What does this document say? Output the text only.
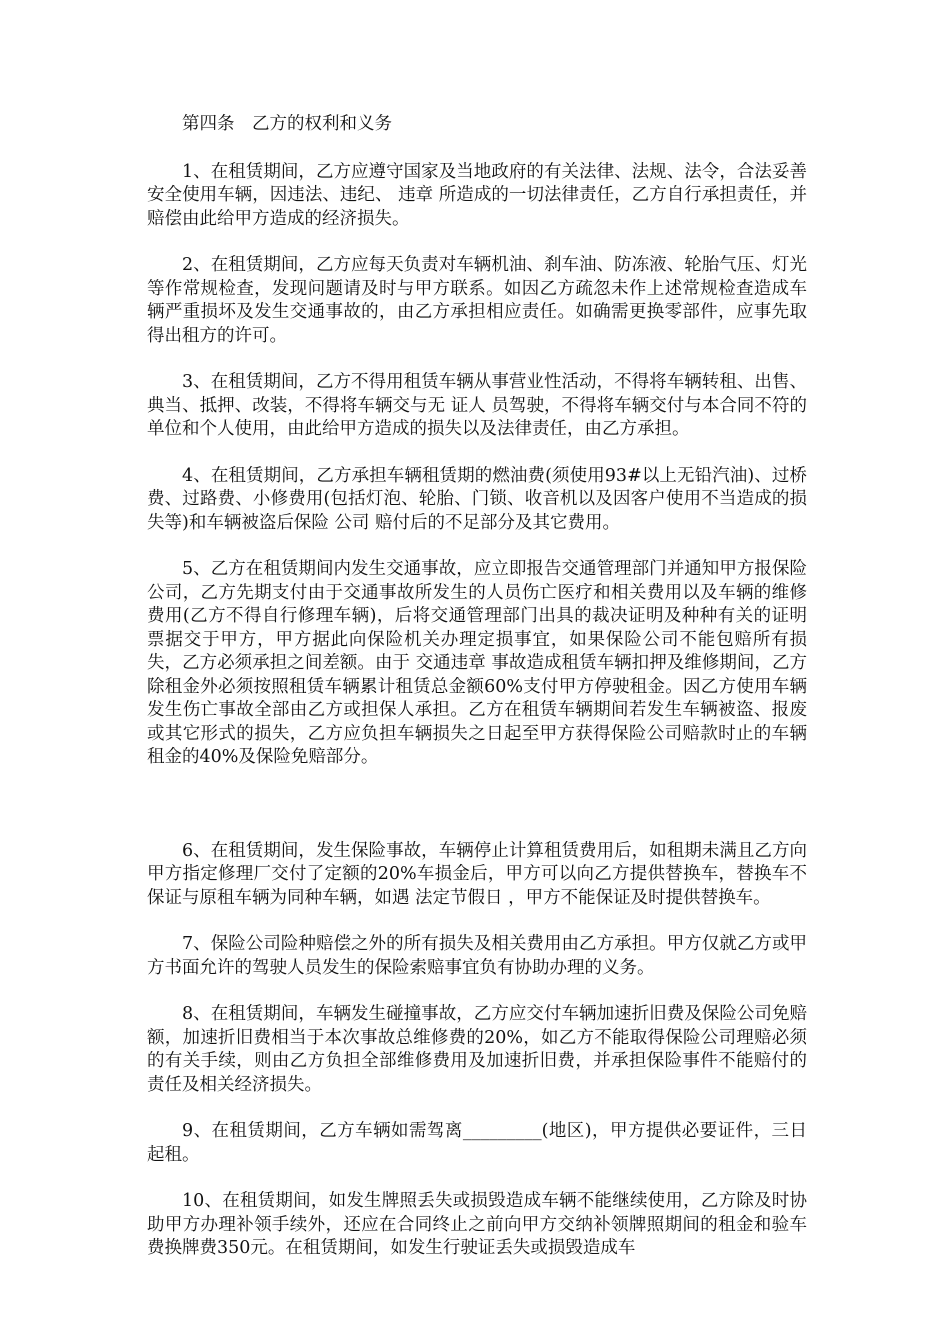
第四条　乙方的权利和义务

1、在租赁期间，乙方应遵守国家及当地政府的有关法律、法规、法令，合法妥善安全使用车辆，因违法、违纪、 违章 所造成的一切法律责任，乙方自行承担责任，并赔偿由此给甲方造成的经济损失。

2、在租赁期间，乙方应每天负责对车辆机油、刹车油、防冻液、轮胎气压、灯光等作常规检查，发现问题请及时与甲方联系。如因乙方疏忽未作上述常规检查造成车辆严重损坏及发生交通事故的，由乙方承担相应责任。如确需更换零部件，应事先取得出租方的许可。

3、在租赁期间，乙方不得用租赁车辆从事营业性活动，不得将车辆转租、出售、典当、抵押、改装，不得将车辆交与无 证人 员驾驶，不得将车辆交付与本合同不符的单位和个人使用，由此给甲方造成的损失以及法律责任，由乙方承担。

4、在租赁期间，乙方承担车辆租赁期的燃油费(须使用93#以上无铅汽油)、过桥费、过路费、小修费用(包括灯泡、轮胎、门锁、收音机以及因客户使用不当造成的损失等)和车辆被盗后保险 公司 赔付后的不足部分及其它费用。

5、乙方在租赁期间内发生交通事故，应立即报告交通管理部门并通知甲方报保险公司，乙方先期支付由于交通事故所发生的人员伤亡医疗和相关费用以及车辆的维修费用(乙方不得自行修理车辆)，后将交通管理部门出具的裁决证明及种种有关的证明票据交于甲方，甲方据此向保险机关办理定损事宜，如果保险公司不能包赔所有损失，乙方必须承担之间差额。由于 交通违章 事故造成租赁车辆扣押及维修期间，乙方除租金外必须按照租赁车辆累计租赁总金额60%支付甲方停驶租金。因乙方使用车辆发生伤亡事故全部由乙方或担保人承担。乙方在租赁车辆期间若发生车辆被盗、报废或其它形式的损失，乙方应负担车辆损失之日起至甲方获得保险公司赔款时止的车辆租金的40%及保险免赔部分。

6、在租赁期间，发生保险事故，车辆停止计算租赁费用后，如租期未满且乙方向甲方指定修理厂交付了定额的20%车损金后，甲方可以向乙方提供替换车，替换车不保证与原租车辆为同种车辆，如遇 法定节假日 ，甲方不能保证及时提供替换车。

7、保险公司险种赔偿之外的所有损失及相关费用由乙方承担。甲方仅就乙方或甲方书面允许的驾驶人员发生的保险索赔事宜负有协助办理的义务。

8、在租赁期间，车辆发生碰撞事故，乙方应交付车辆加速折旧费及保险公司免赔额，加速折旧费相当于本次事故总维修费的20%，如乙方不能取得保险公司理赔必须的有关手续，则由乙方负担全部维修费用及加速折旧费，并承担保险事件不能赔付的责任及相关经济损失。

9、在租赁期间，乙方车辆如需驾离_________(地区)，甲方提供必要证件，三日起租。

10、在租赁期间，如发生牌照丢失或损毁造成车辆不能继续使用，乙方除及时协助甲方办理补领手续外，还应在合同终止之前向甲方交纳补领牌照期间的租金和验车费换牌费350元。在租赁期间，如发生行驶证丢失或损毁造成车
